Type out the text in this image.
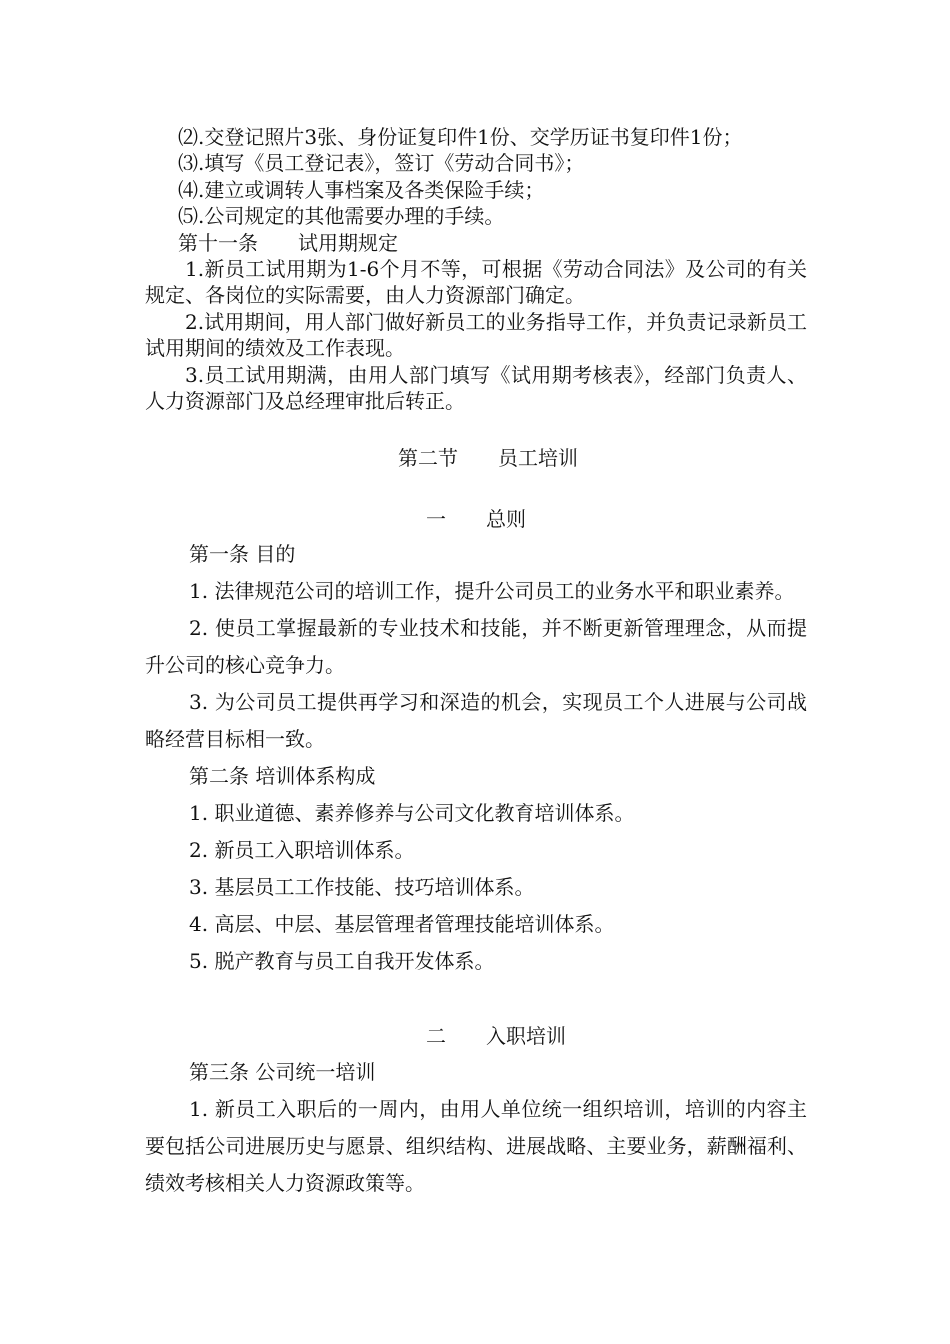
⑵.交登记照片3张、身份证复印件1份、交学历证书复印件1份；

⑶.填写《员工登记表》，签订《劳动合同书》；

⑷.建立或调转人事档案及各类保险手续；

⑸.公司规定的其他需要办理的手续。

第十一条　　试用期规定

1.新员工试用期为1-6个月不等，可根据《劳动合同法》及公司的有关规定、各岗位的实际需要，由人力资源部门确定。

2.试用期间，用人部门做好新员工的业务指导工作，并负责记录新员工试用期间的绩效及工作表现。

3.员工试用期满，由用人部门填写《试用期考核表》，经部门负责人、人力资源部门及总经理审批后转正。

第二节　　员工培训
一　　总则

第一条 目的

1. 法律规范公司的培训工作，提升公司员工的业务水平和职业素养。

2. 使员工掌握最新的专业技术和技能，并不断更新管理理念，从而提升公司的核心竞争力。

3. 为公司员工提供再学习和深造的机会，实现员工个人进展与公司战略经营目标相一致。

第二条 培训体系构成

1. 职业道德、素养修养与公司文化教育培训体系。

2. 新员工入职培训体系。

3. 基层员工工作技能、技巧培训体系。

4. 高层、中层、基层管理者管理技能培训体系。

5. 脱产教育与员工自我开发体系。

二　　入职培训

第三条 公司统一培训

1. 新员工入职后的一周内，由用人单位统一组织培训，培训的内容主要包括公司进展历史与愿景、组织结构、进展战略、主要业务，薪酬福利、绩效考核相关人力资源政策等。
